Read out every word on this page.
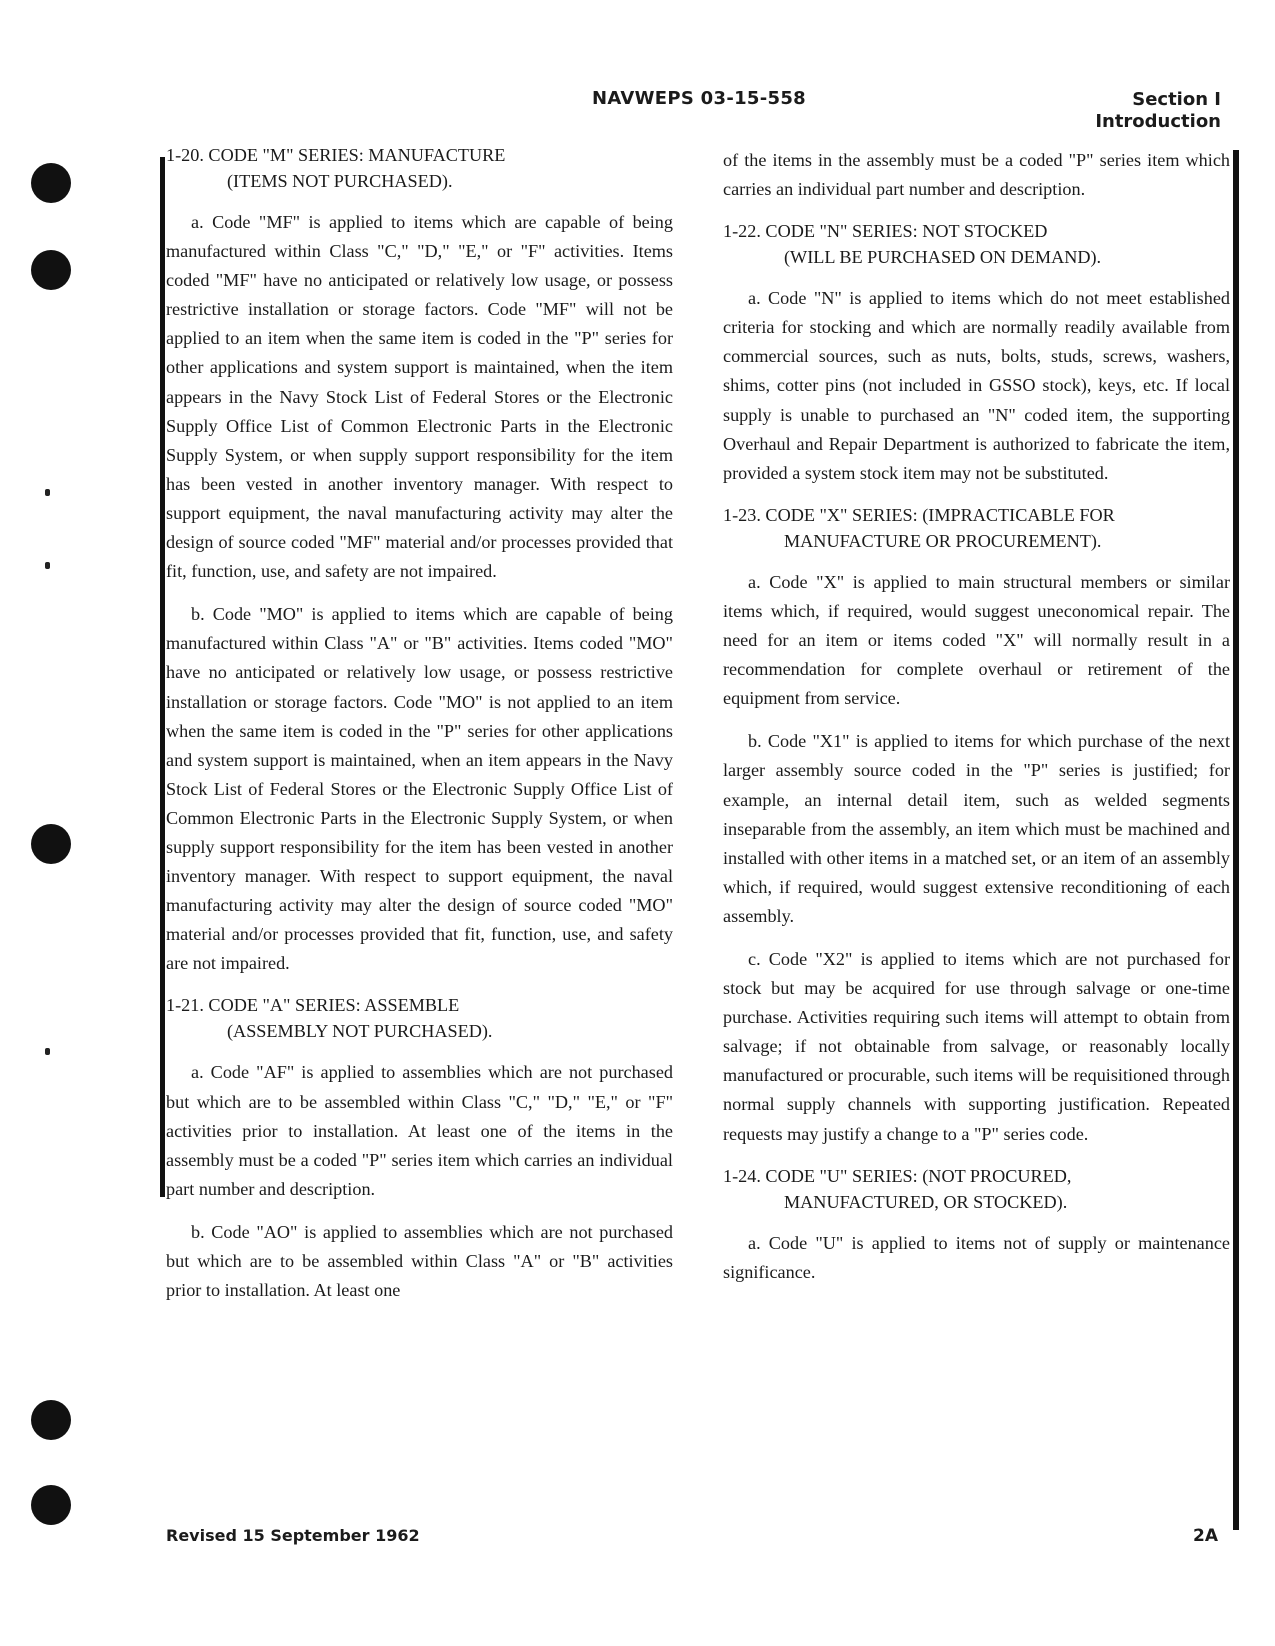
NAVWEPS 03-15-558	Section I
Introduction
1-20. CODE "M" SERIES: MANUFACTURE
(ITEMS NOT PURCHASED).

a. Code "MF" is applied to items which are capable of being manufactured within Class "C," "D," "E," or "F" activities. Items coded "MF" have no anticipated or relatively low usage, or possess restrictive installation or storage factors. Code "MF" will not be applied to an item when the same item is coded in the "P" series for other applications and system support is maintained, when the item appears in the Navy Stock List of Federal Stores or the Electronic Supply Office List of Common Electronic Parts in the Electronic Supply System, or when supply support responsibility for the item has been vested in another inventory manager. With respect to support equipment, the naval manufacturing activity may alter the design of source coded "MF" material and/or processes provided that fit, function, use, and safety are not impaired.

b. Code "MO" is applied to items which are capable of being manufactured within Class "A" or "B" activities. Items coded "MO" have no anticipated or relatively low usage, or possess restrictive installation or storage factors. Code "MO" is not applied to an item when the same item is coded in the "P" series for other applications and system support is maintained, when an item appears in the Navy Stock List of Federal Stores or the Electronic Supply Office List of Common Electronic Parts in the Electronic Supply System, or when supply support responsibility for the item has been vested in another inventory manager. With respect to support equipment, the naval manufacturing activity may alter the design of source coded "MO" material and/or processes provided that fit, function, use, and safety are not impaired.

1-21. CODE "A" SERIES: ASSEMBLE
(ASSEMBLY NOT PURCHASED).

a. Code "AF" is applied to assemblies which are not purchased but which are to be assembled within Class "C," "D," "E," or "F" activities prior to installation. At least one of the items in the assembly must be a coded "P" series item which carries an individual part number and description.

b. Code "AO" is applied to assemblies which are not purchased but which are to be assembled within Class "A" or "B" activities prior to installation. At least one

of the items in the assembly must be a coded "P" series item which carries an individual part number and description.

1-22. CODE "N" SERIES: NOT STOCKED
(WILL BE PURCHASED ON DEMAND).

a. Code "N" is applied to items which do not meet established criteria for stocking and which are normally readily available from commercial sources, such as nuts, bolts, studs, screws, washers, shims, cotter pins (not included in GSSO stock), keys, etc. If local supply is unable to purchased an "N" coded item, the supporting Overhaul and Repair Department is authorized to fabricate the item, provided a system stock item may not be substituted.

1-23. CODE "X" SERIES: (IMPRACTICABLE FOR
MANUFACTURE OR PROCUREMENT).

a. Code "X" is applied to main structural members or similar items which, if required, would suggest uneconomical repair. The need for an item or items coded "X" will normally result in a recommendation for complete overhaul or retirement of the equipment from service.

b. Code "X1" is applied to items for which purchase of the next larger assembly source coded in the "P" series is justified; for example, an internal detail item, such as welded segments inseparable from the assembly, an item which must be machined and installed with other items in a matched set, or an item of an assembly which, if required, would suggest extensive reconditioning of each assembly.

c. Code "X2" is applied to items which are not purchased for stock but may be acquired for use through salvage or one-time purchase. Activities requiring such items will attempt to obtain from salvage; if not obtainable from salvage, or reasonably locally manufactured or procurable, such items will be requisitioned through normal supply channels with supporting justification. Repeated requests may justify a change to a "P" series code.

1-24. CODE "U" SERIES: (NOT PROCURED,
MANUFACTURED, OR STOCKED).

a. Code "U" is applied to items not of supply or maintenance significance.

Revised 15 September 1962	2A
